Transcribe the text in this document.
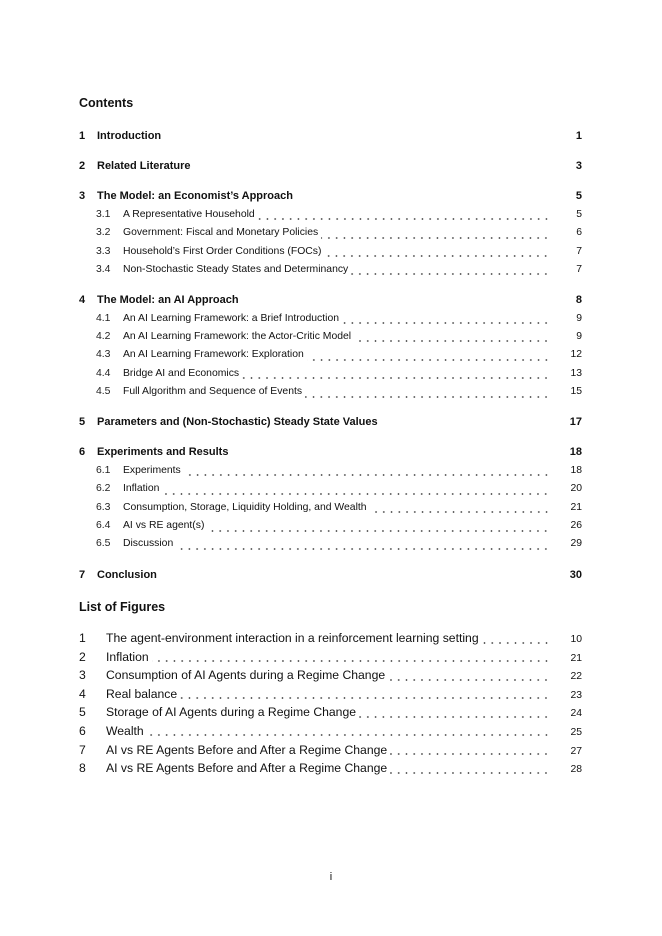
Contents
1	Introduction	1
2	Related Literature	3
3	The Model: an Economist’s Approach	5
3.1	A Representative Household	5
3.2	Government: Fiscal and Monetary Policies	6
3.3	Household’s First Order Conditions (FOCs)	7
3.4	Non-Stochastic Steady States and Determinancy	7
4	The Model: an AI Approach	8
4.1	An AI Learning Framework: a Brief Introduction	9
4.2	An AI Learning Framework: the Actor-Critic Model	9
4.3	An AI Learning Framework: Exploration	12
4.4	Bridge AI and Economics	13
4.5	Full Algorithm and Sequence of Events	15
5	Parameters and (Non-Stochastic) Steady State Values	17
6	Experiments and Results	18
6.1	Experiments	18
6.2	Inflation	20
6.3	Consumption, Storage, Liquidity Holding, and Wealth	21
6.4	AI vs RE agent(s)	26
6.5	Discussion	29
7	Conclusion	30
List of Figures
1	The agent-environment interaction in a reinforcement learning setting	10
2	Inflation	21
3	Consumption of AI Agents during a Regime Change	22
4	Real balance	23
5	Storage of AI Agents during a Regime Change	24
6	Wealth	25
7	AI vs RE Agents Before and After a Regime Change	27
8	AI vs RE Agents Before and After a Regime Change	28
i
